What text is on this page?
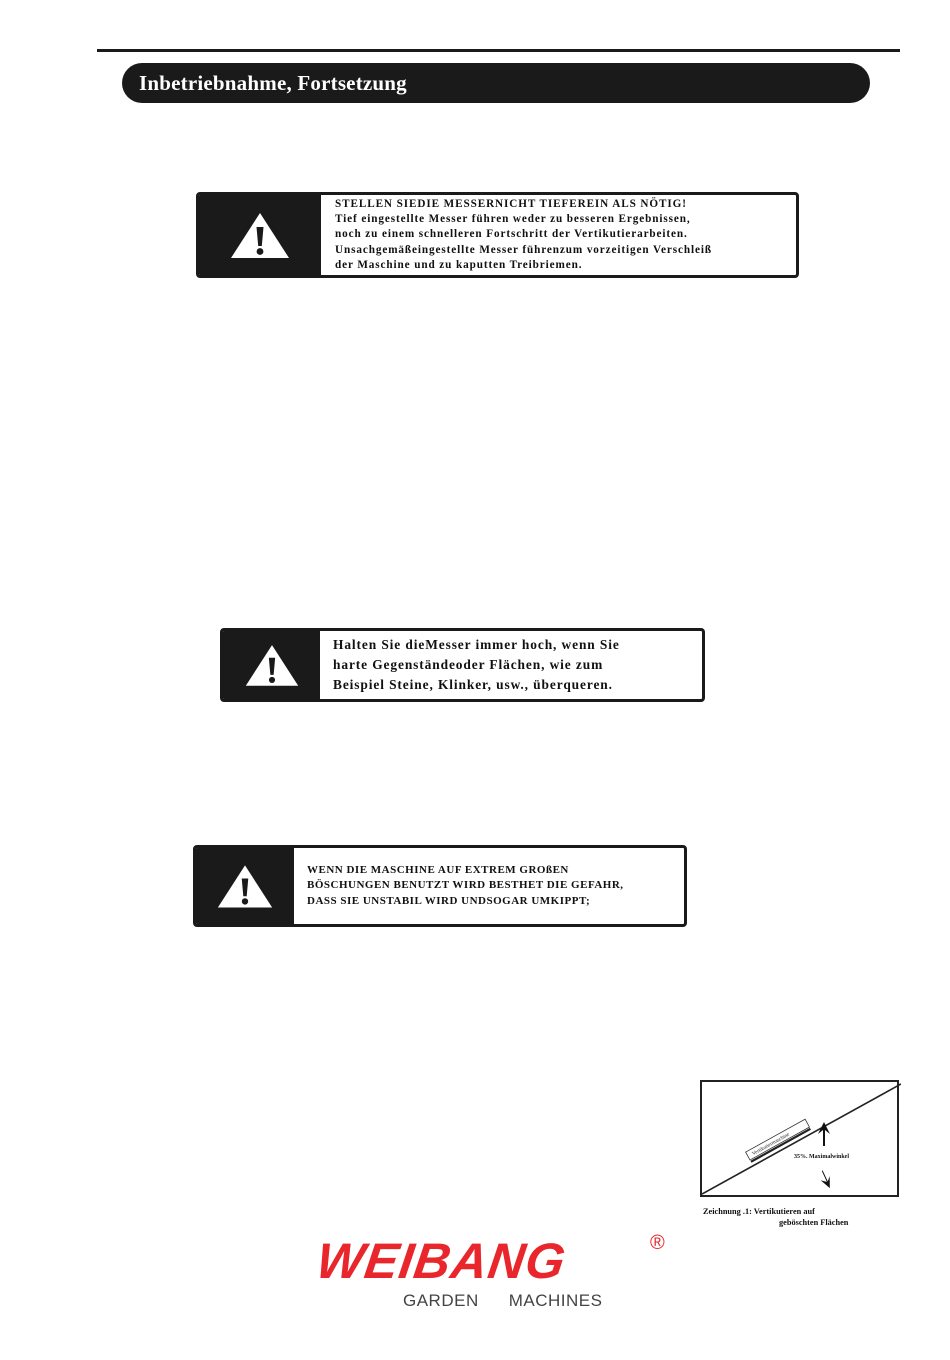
Inbetriebnahme, Fortsetzung
STELLEN SIEDIE MESSERNICHT TIEFEREIN ALS NÖTIG!
Tief eingestellte Messer führen weder zu besseren Ergebnissen,
noch zu einem schnelleren Fortschritt der Vertikutierarbeiten.
Unsachgemäßeingestellte Messer führenzum vorzeitigen Verschleiß
der Maschine und zu kaputten Treibriemen.
Halten Sie dieMesser immer hoch, wenn Sie
harte Gegenständeoder Flächen, wie zum
Beispiel Steine, Klinker, usw., überqueren.
WENN DIE MASCHINE AUF EXTREM GROßEN
BÖSCHUNGEN BENUTZT WIRD BESTHET DIE GEFAHR,
DASS SIE UNSTABIL WIRD UNDSOGAR UMKIPPT;
Vertikutiermaschine 35%. Maximalwinkel
Zeichnung .1: Vertikutieren auf
geböschten Flächen
WEIBANG	®
GARDEN MACHINES
